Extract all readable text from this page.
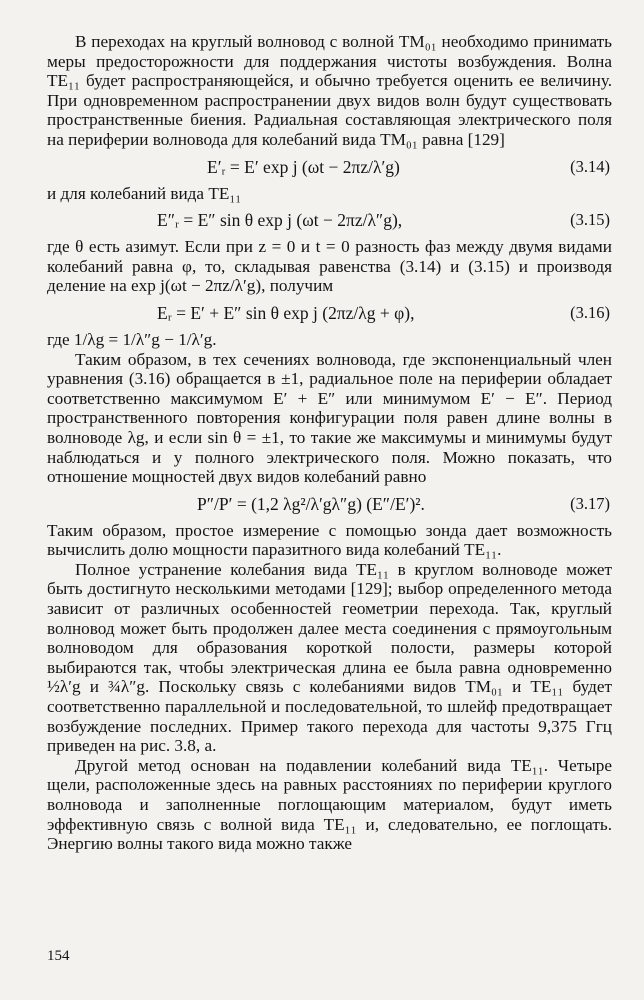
В переходах на круглый волновод с волной TM₀₁ необходимо принимать меры предосторожности для поддержания чистоты возбуждения. Волна TE₁₁ будет распространяющейся, и обычно требуется оценить ее величину. При одновременном распространении двух видов волн будут существовать пространственные биения. Радиальная составляющая электрического поля на периферии волновода для колебаний вида TM₀₁ равна [129]

E′ᵣ = E′ exp j (ωt − 2πz/λ′g)	(3.14)

и для колебаний вида TE₁₁

E″ᵣ = E″ sin θ exp j (ωt − 2πz/λ″g),	(3.15)

где θ есть азимут. Если при z = 0 и t = 0 разность фаз между двумя видами колебаний равна φ, то, складывая равенства (3.14) и (3.15) и производя деление на exp j(ωt − 2πz/λ′g), получим

Eᵣ = E′ + E″ sin θ exp j (2πz/λg + φ),	(3.16)

где 1/λg = 1/λ″g − 1/λ′g.

Таким образом, в тех сечениях волновода, где экспоненциальный член уравнения (3.16) обращается в ±1, радиальное поле на периферии обладает соответственно максимумом E′ + E″ или минимумом E′ − E″. Период пространственного повторения конфигурации поля равен длине волны в волноводе λg, и если sin θ = ±1, то такие же максимумы и минимумы будут наблюдаться и у полного электрического поля. Можно показать, что отношение мощностей двух видов колебаний равно

P″/P′ = (1,2 λg²/λ′gλ″g) (E″/E′)².	(3.17)

Таким образом, простое измерение с помощью зонда дает возможность вычислить долю мощности паразитного вида колебаний TE₁₁.

Полное устранение колебания вида TE₁₁ в круглом волноводе может быть достигнуто несколькими методами [129]; выбор определенного метода зависит от различных особенностей геометрии перехода. Так, круглый волновод может быть продолжен далее места соединения с прямоугольным волноводом для образования короткой полости, размеры которой выбираются так, чтобы электрическая длина ее была равна одновременно ½λ′g и ¾λ″g. Поскольку связь с колебаниями видов TM₀₁ и TE₁₁ будет соответственно параллельной и последовательной, то шлейф предотвращает возбуждение последних. Пример такого перехода для частоты 9,375 Ггц приведен на рис. 3.8, а.

Другой метод основан на подавлении колебаний вида TE₁₁. Четыре щели, расположенные здесь на равных расстояниях по периферии круглого волновода и заполненные поглощающим материалом, будут иметь эффективную связь с волной вида TE₁₁ и, следовательно, ее поглощать. Энергию волны такого вида можно также

154
